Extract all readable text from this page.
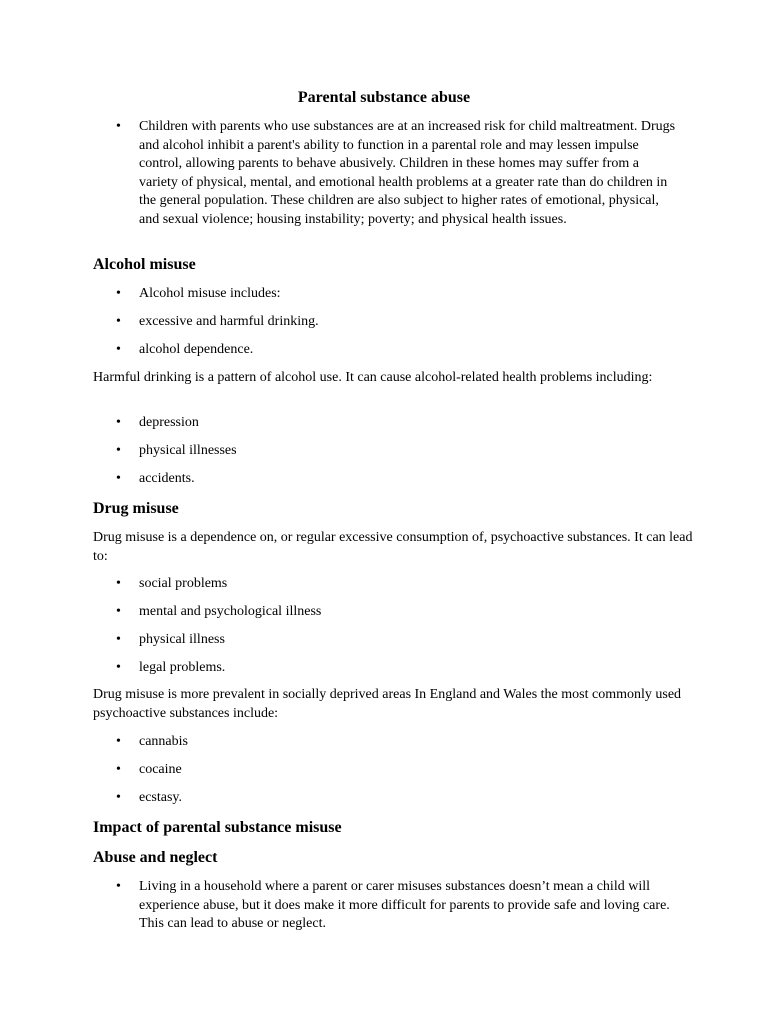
Parental substance abuse
• Children with parents who use substances are at an increased risk for child maltreatment. Drugs and alcohol inhibit a parent's ability to function in a parental role and may lessen impulse control, allowing parents to behave abusively. Children in these homes may suffer from a variety of physical, mental, and emotional health problems at a greater rate than do children in the general population. These children are also subject to higher rates of emotional, physical, and sexual violence; housing instability; poverty; and physical health issues.
Alcohol misuse
• Alcohol misuse includes:
• excessive and harmful drinking.
• alcohol dependence.
Harmful drinking is a pattern of alcohol use. It can cause alcohol-related health problems including:
• depression
• physical illnesses
• accidents.
Drug misuse
Drug misuse is a dependence on, or regular excessive consumption of, psychoactive substances. It can lead to:
• social problems
• mental and psychological illness
• physical illness
• legal problems.
Drug misuse is more prevalent in socially deprived areas In England and Wales the most commonly used psychoactive substances include:
• cannabis
• cocaine
• ecstasy.
Impact of parental substance misuse
Abuse and neglect
• Living in a household where a parent or carer misuses substances doesn’t mean a child will experience abuse, but it does make it more difficult for parents to provide safe and loving care. This can lead to abuse or neglect.
